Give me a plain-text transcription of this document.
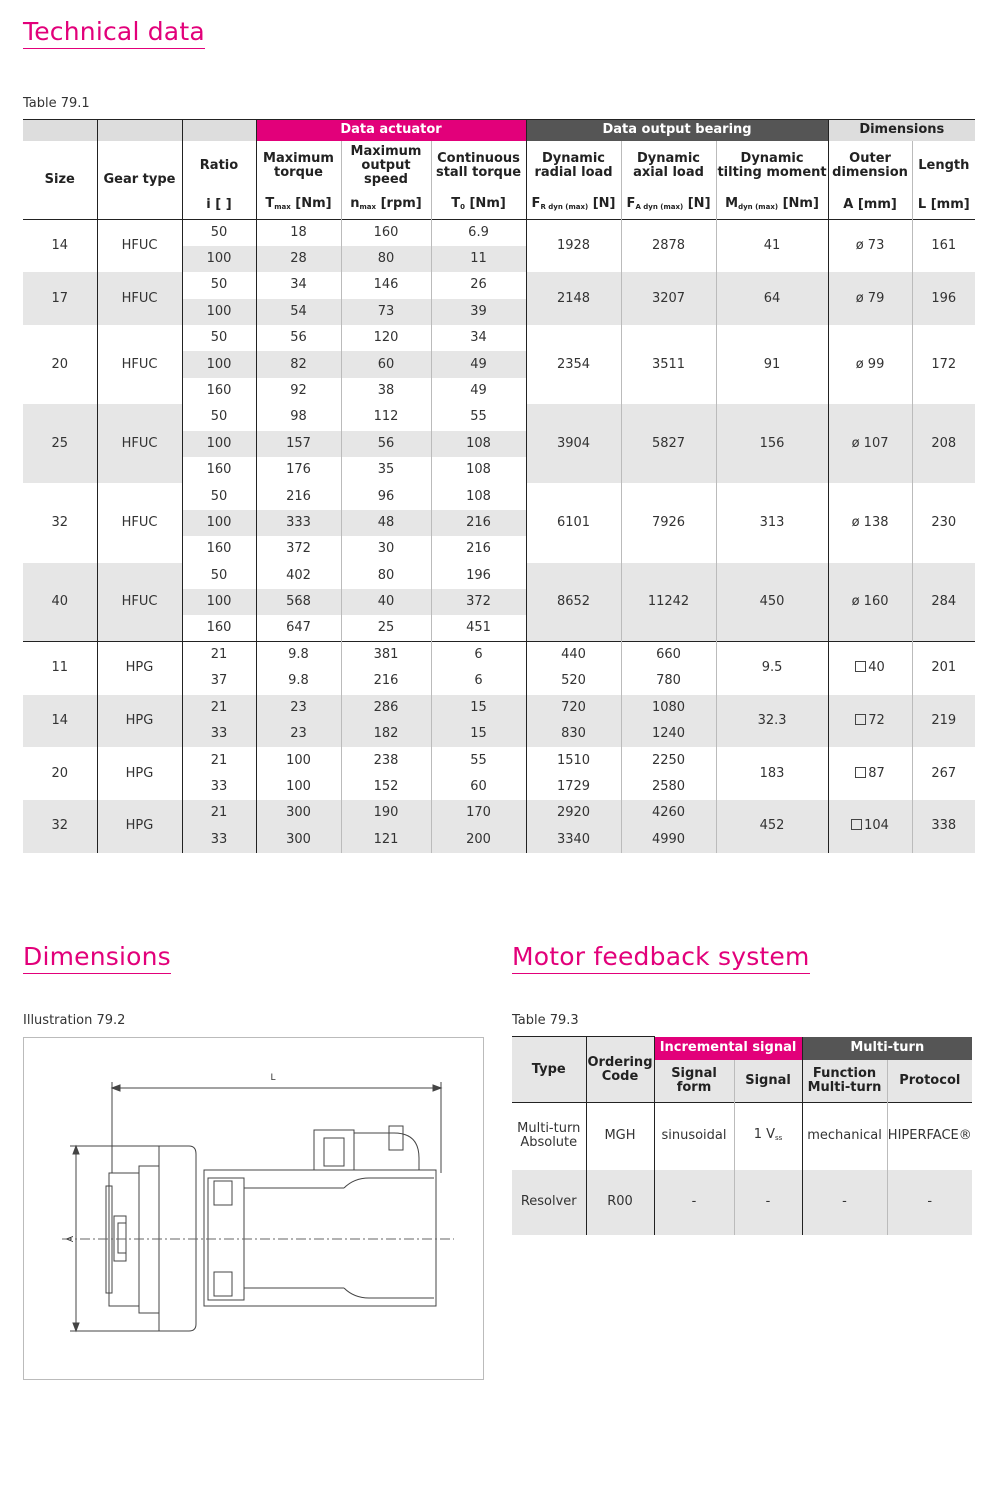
Technical data
Table 79.1
			Data actuator			Data output bearing			Dimensions	
Size	Gear type	Ratio	Maximum torque	Maximum output speed	Continuous stall torque	Dynamic radial load	Dynamic axial load	Dynamic tilting moment	Outer dimension	Length
		i [ ]	$T_{max}$ [Nm]	$n_{max}$ [rpm]	$T_0$ [Nm]	$F_{R dyn (max)}$ [N]	$F_{A dyn (max)}$ [N]	$M_{dyn (max)}$ [Nm]	A [mm]	L [mm]
14	HFUC	50	18	160	6.9	1928	2878	41	ø 73	161
		100	28	80	11					
17	HFUC	50	34	146	26	2148	3207	64	ø 79	196
		100	54	73	39					
20	HFUC	50	56	120	34	2354	3511	91	ø 99	172
		100	82	60	49					
		160	92	38	49					
25	HFUC	50	98	112	55	3904	5827	156	ø 107	208
		100	157	56	108					
		160	176	35	108					
32	HFUC	50	216	96	108	6101	7926	313	ø 138	230
		100	333	48	216					
		160	372	30	216					
40	HFUC	50	402	80	196	8652	11242	450	ø 160	284
		100	568	40	372					
		160	647	25	451					
11	HPG	21	9.8	381	6	440	660	9.5	40	201
		37	9.8	216	6	520	780			
14	HPG	21	23	286	15	720	1080	32.3	72	219
		33	23	182	15	830	1240			
20	HPG	21	100	238	55	1510	2250	183	87	267
		33	100	152	60	1729	2580			
32	HPG	21	300	190	170	2920	4260	452	104	338
		33	300	121	200	3340	4990			
Dimensions
Illustration 79.2
L
A
Motor feedback system
Table 79.3
Type	Ordering Code	Incremental signal		Multi-turn	
		Signal form	Signal	Function Multi-turn	Protocol
Multi-turn Absolute	MGH	sinusoidal	1 $V_{ss}$	mechanical	HIPERFACE®
Resolver	R00	-	-	-	-
